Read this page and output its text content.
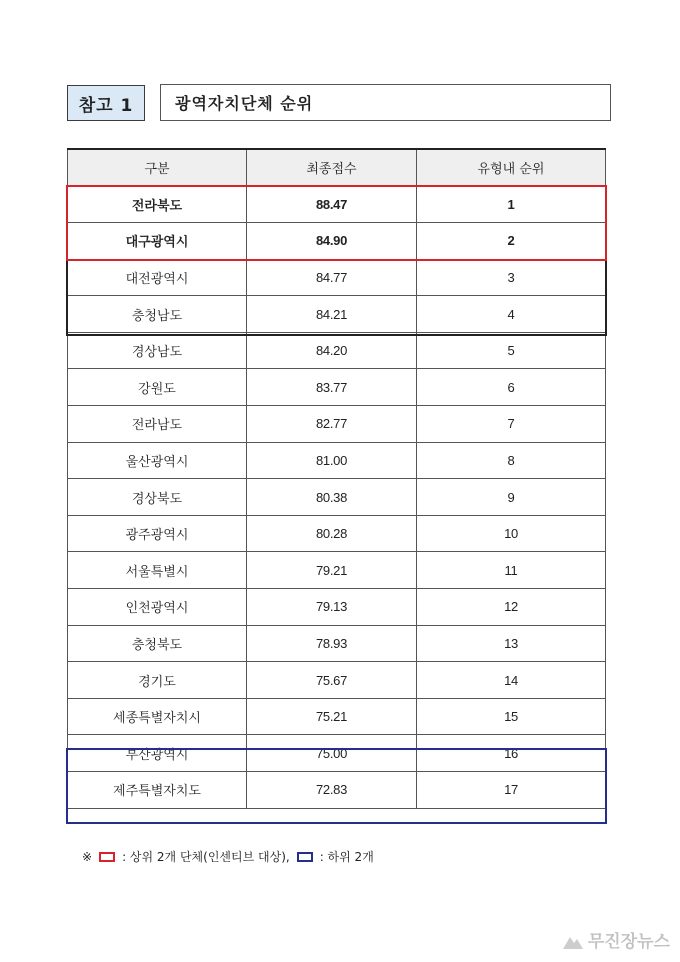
참고 1	광역자치단체 순위
구분	최종점수	유형내 순위
전라북도	88.47	1
대구광역시	84.90	2
대전광역시	84.77	3
충청남도	84.21	4
경상남도	84.20	5
강원도	83.77	6
전라남도	82.77	7
울산광역시	81.00	8
경상북도	80.38	9
광주광역시	80.28	10
서울특별시	79.21	11
인천광역시	79.13	12
충청북도	78.93	13
경기도	75.67	14
세종특별자치시	75.21	15
부산광역시	75.00	16
제주특별자치도	72.83	17
※	: 상위 2개 단체(인센티브 대상),	: 하위 2개
무진장뉴스
